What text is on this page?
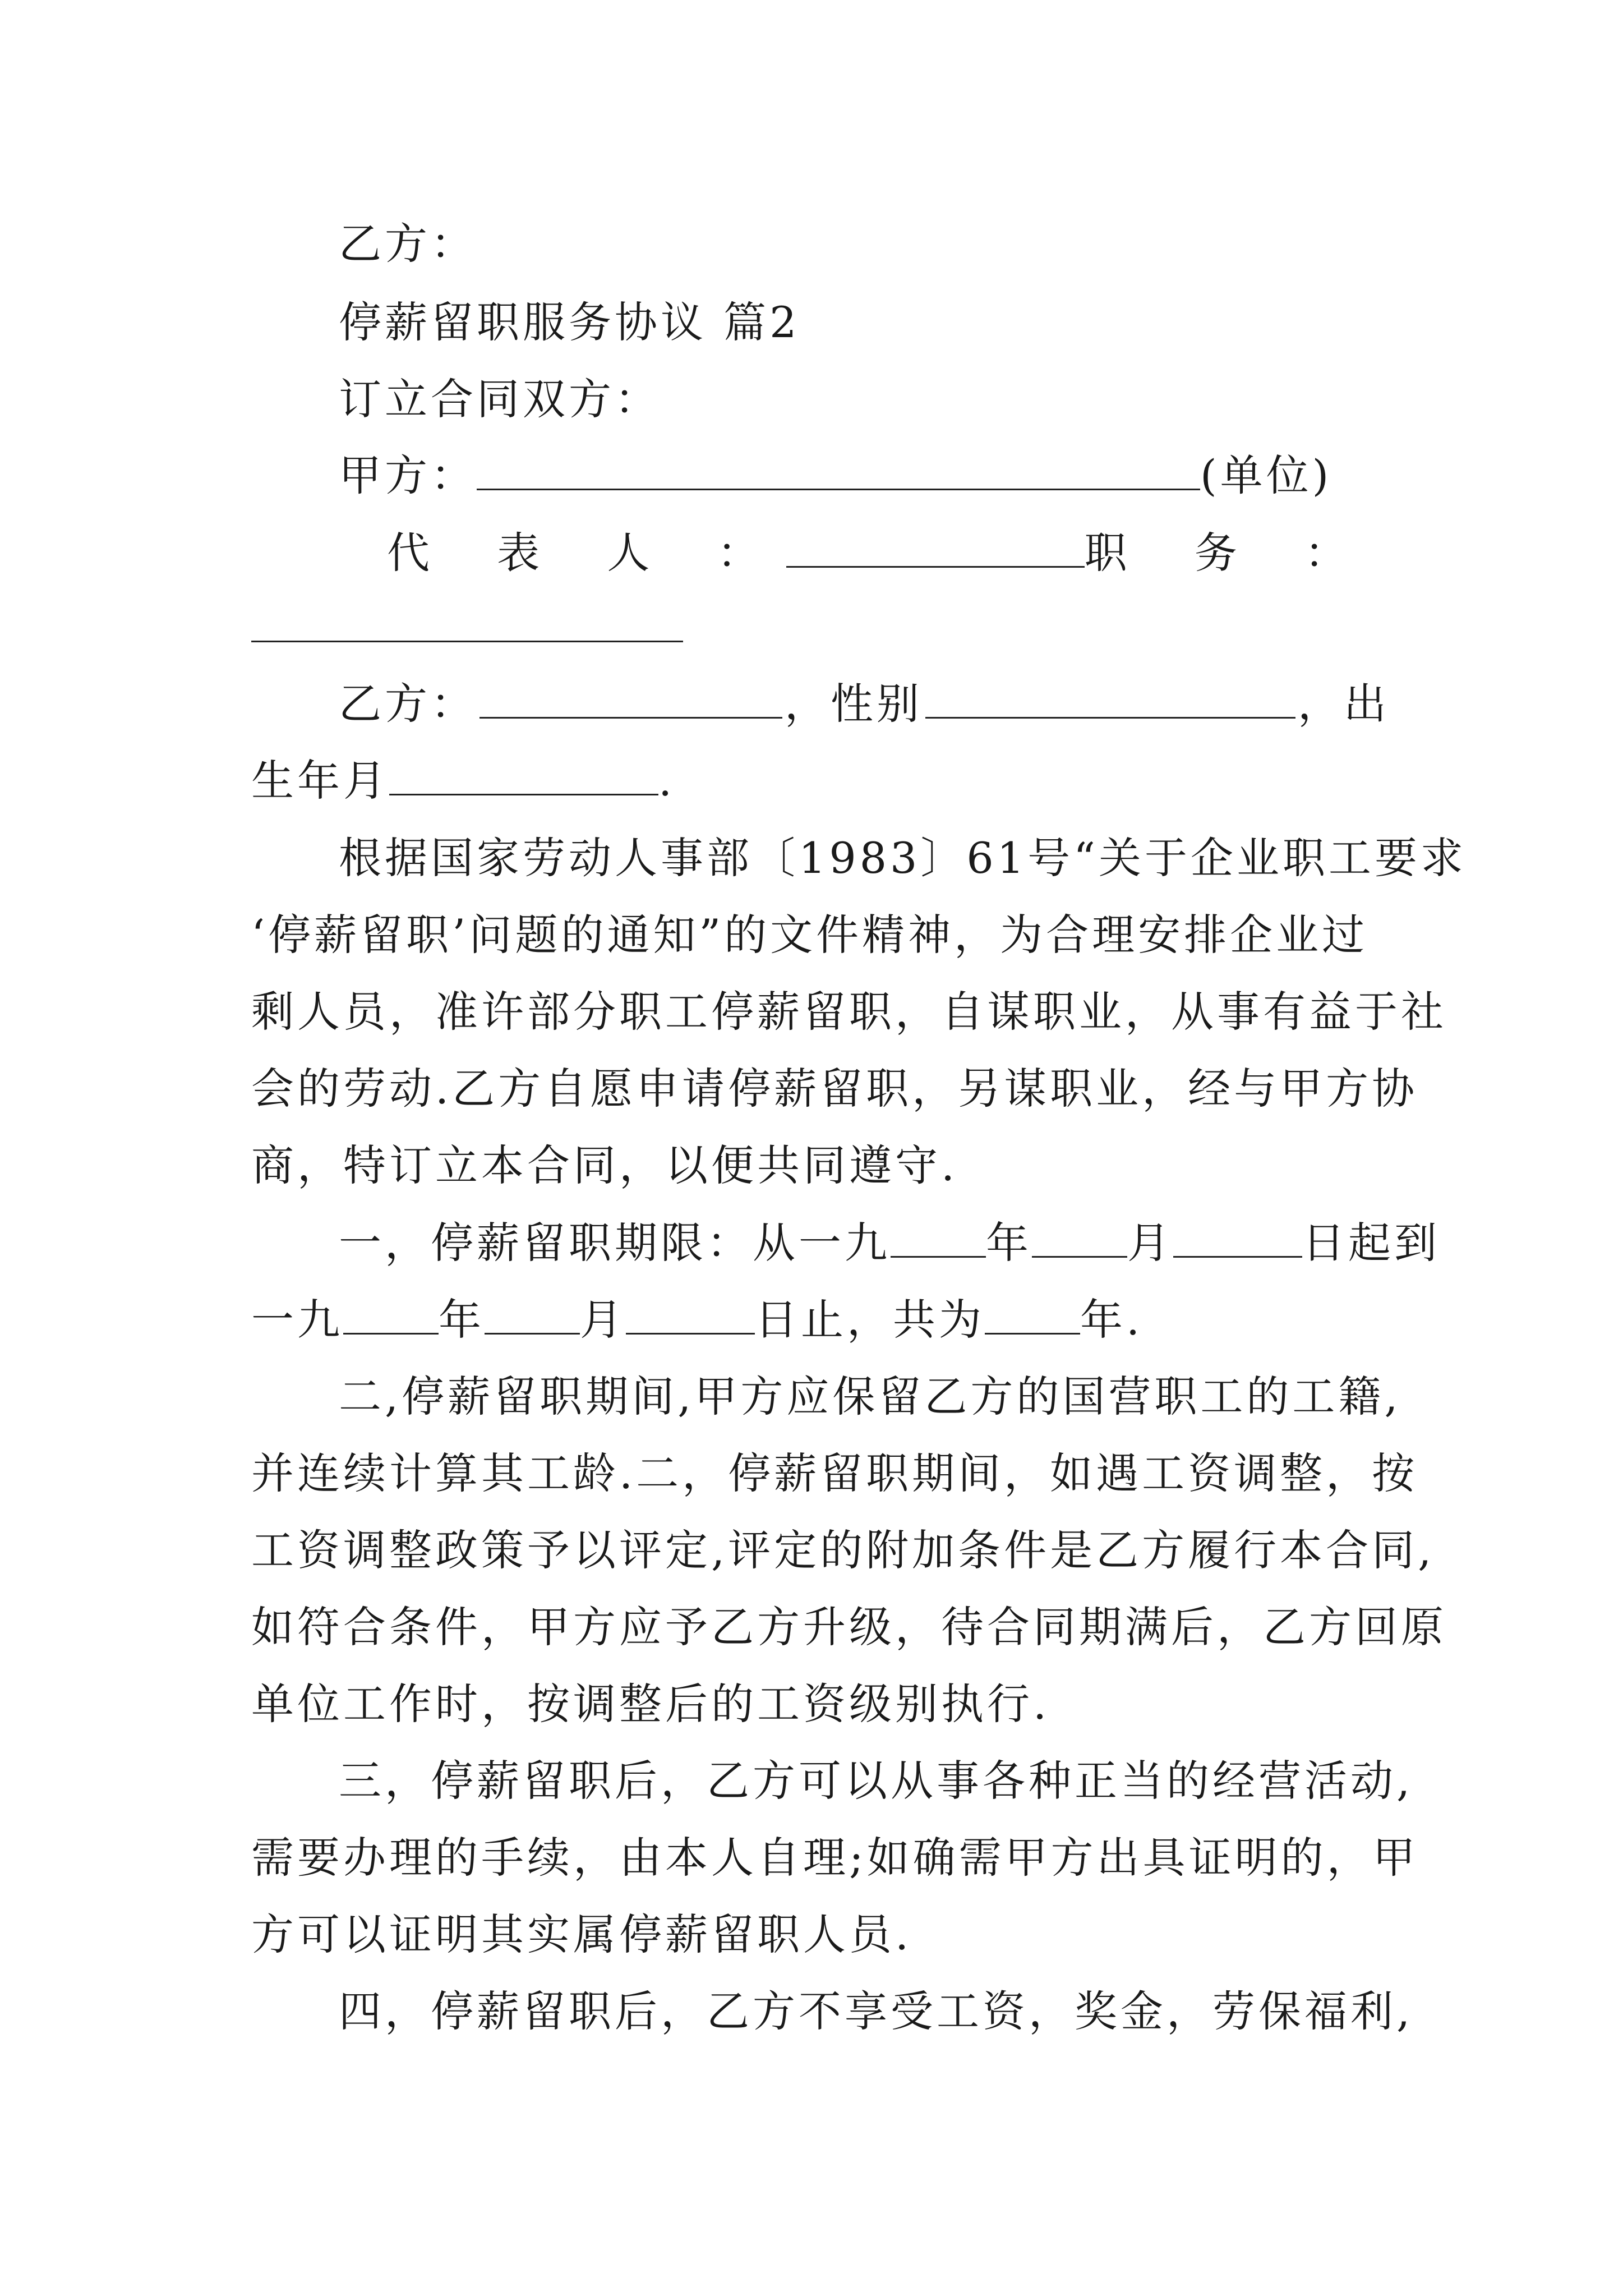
乙方：
停薪留职服务协议 篇2
订立合同双方：
甲方：	(单位)
代 表 人 ：	职 务 ：
乙方：	，性别	，出
生年月	.
根据国家劳动人事部〔1983〕61号“关于企业职工要求
‘停薪留职’问题的通知”的文件精神，为合理安排企业过
剩人员，准许部分职工停薪留职，自谋职业，从事有益于社
会的劳动.乙方自愿申请停薪留职，另谋职业，经与甲方协
商，特订立本合同，以便共同遵守.
一，停薪留职期限：从一九 年 月	日起到
一九 年 月	日止，共为 年.
二,停薪留职期间,甲方应保留乙方的国营职工的工籍,
并连续计算其工龄.二，停薪留职期间，如遇工资调整，按
工资调整政策予以评定,评定的附加条件是乙方履行本合同,
如符合条件，甲方应予乙方升级，待合同期满后，乙方回原
单位工作时，按调整后的工资级别执行.
三，停薪留职后，乙方可以从事各种正当的经营活动,
需要办理的手续，由本人自理;如确需甲方出具证明的，甲
方可以证明其实属停薪留职人员.
四，停薪留职后，乙方不享受工资，奖金，劳保福利,
